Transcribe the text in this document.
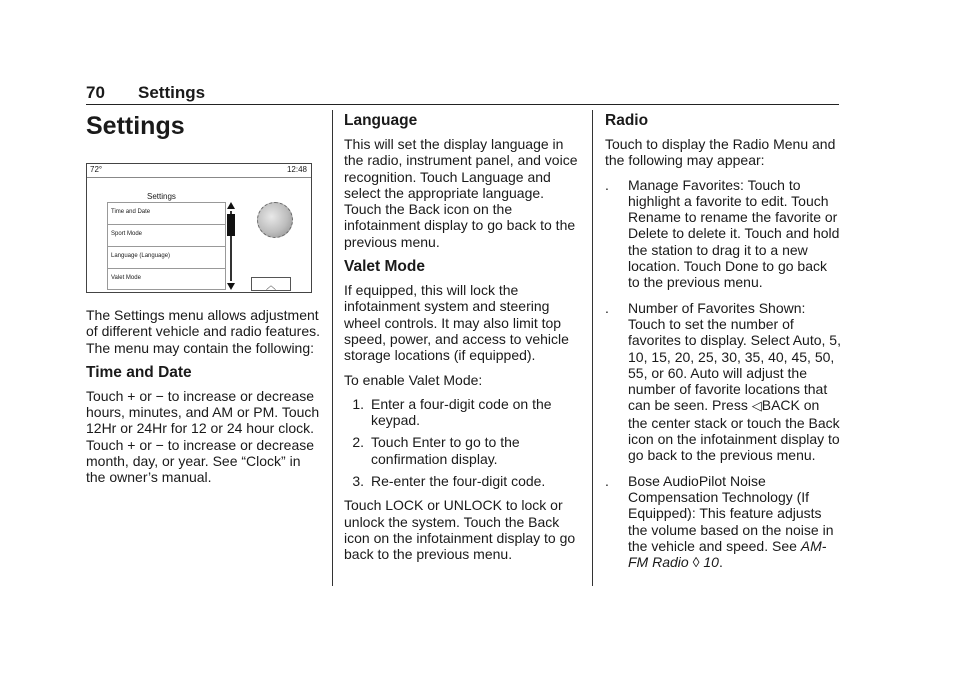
70 Settings
Settings
72°	12:48
Settings
Time and Date
Sport Mode
Language (Language)
Valet Mode
︿

The Settings menu allows adjustment of different vehicle and radio features. The menu may contain the following:

Time and Date

Touch + or − to increase or decrease hours, minutes, and AM or PM. Touch 12Hr or 24Hr for 12 or 24 hour clock. Touch + or − to increase or decrease month, day, or year. See “Clock” in the owner’s manual.

Language

This will set the display language in the radio, instrument panel, and voice recognition. Touch Language and select the appropriate language. Touch the Back icon on the infotainment display to go back to the previous menu.

Valet Mode

If equipped, this will lock the infotainment system and steering wheel controls. It may also limit top speed, power, and access to vehicle storage locations (if equipped).

To enable Valet Mode:

1. Enter a four-digit code on the keypad.
2. Touch Enter to go to the confirmation display.
3. Re-enter the four-digit code.

Touch LOCK or UNLOCK to lock or unlock the system. Touch the Back icon on the infotainment display to go back to the previous menu.

Radio

Touch to display the Radio Menu and the following may appear:

.	Manage Favorites: Touch to highlight a favorite to edit. Touch Rename to rename the favorite or Delete to delete it. Touch and hold the station to drag it to a new location. Touch Done to go back to the previous menu.
.	Number of Favorites Shown: Touch to set the number of favorites to display. Select Auto, 5, 10, 15, 20, 25, 30, 35, 40, 45, 50, 55, or 60. Auto will adjust the number of favorite locations that can be seen. Press ◁BACK on the center stack or touch the Back icon on the infotainment display to go back to the previous menu.
.	Bose AudioPilot Noise Compensation Technology (If Equipped): This feature adjusts the volume based on the noise in the vehicle and speed. See AM-FM Radio ◊ 10.
